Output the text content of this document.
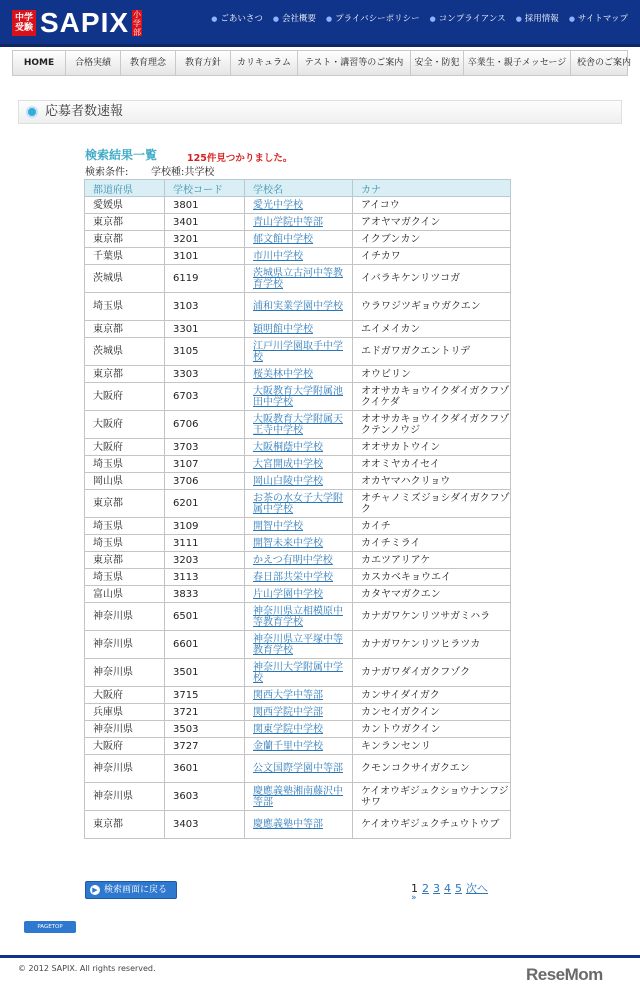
中学
受験 SAPIX 小学部
● ごあいさつ ● 会社概要 ● プライバシーポリシー ● コンプライアンス ● 採用情報 ● サイトマップ
HOME	合格実績	教育理念	教育方針	カリキュラム	テスト・講習等のご案内	安全・防犯 卒業生・親子メッセージ	校舎のご案内
応募者数速報
検索結果一覧	125件見つかりました。
検索条件: 学校種:共学校
都道府県	学校コード	学校名	カナ
愛媛県	3801	愛光中学校	アイコウ
東京都	3401	青山学院中等部	アオヤマガクイン
東京都	3201	郁文館中学校	イクブンカン
千葉県	3101	市川中学校	イチカワ
茨城県	6119	茨城県立古河中等教育学校	イバラキケンリツコガ
埼玉県	3103	浦和実業学園中学校	ウラワジツギョウガクエン
東京都	3301	穎明館中学校	エイメイカン
茨城県	3105	江戸川学園取手中学校	エドガワガクエントリデ
東京都	3303	桜美林中学校	オウビリン
大阪府	6703	大阪教育大学附属池田中学校	オオサカキョウイクダイガクフゾクイケダ
大阪府	6706	大阪教育大学附属天王寺中学校	オオサカキョウイクダイガクフゾクテンノウジ
大阪府	3703	大阪桐蔭中学校	オオサカトウイン
埼玉県	3107	大宮開成中学校	オオミヤカイセイ
岡山県	3706	岡山白陵中学校	オカヤマハクリョウ
東京都	6201	お茶の水女子大学附属中学校	オチャノミズジョシダイガクフゾク
埼玉県	3109	開智中学校	カイチ
埼玉県	3111	開智未来中学校	カイチミライ
東京都	3203	かえつ有明中学校	カエツアリアケ
埼玉県	3113	春日部共栄中学校	カスカベキョウエイ
富山県	3833	片山学園中学校	カタヤマガクエン
神奈川県	6501	神奈川県立相模原中等教育学校	カナガワケンリツサガミハラ
神奈川県	6601	神奈川県立平塚中等教育学校	カナガワケンリツヒラツカ
神奈川県	3501	神奈川大学附属中学校	カナガワダイガクフゾク
大阪府	3715	関西大学中等部	カンサイダイガク
兵庫県	3721	関西学院中学部	カンセイガクイン
神奈川県	3503	関東学院中学校	カントウガクイン
大阪府	3727	金蘭千里中学校	キンランセンリ
神奈川県	3601	公文国際学園中等部	クモンコクサイガクエン
神奈川県	3603	慶應義塾湘南藤沢中等部	ケイオウギジュクショウナンフジサワ
東京都	3403	慶應義塾中等部	ケイオウギジュクチュウトウブ
▶ 検索画面に戻る	1 2 3 4 5 次へ
»
PAGETOP
© 2012 SAPIX. All rights reserved.	ReseMom
